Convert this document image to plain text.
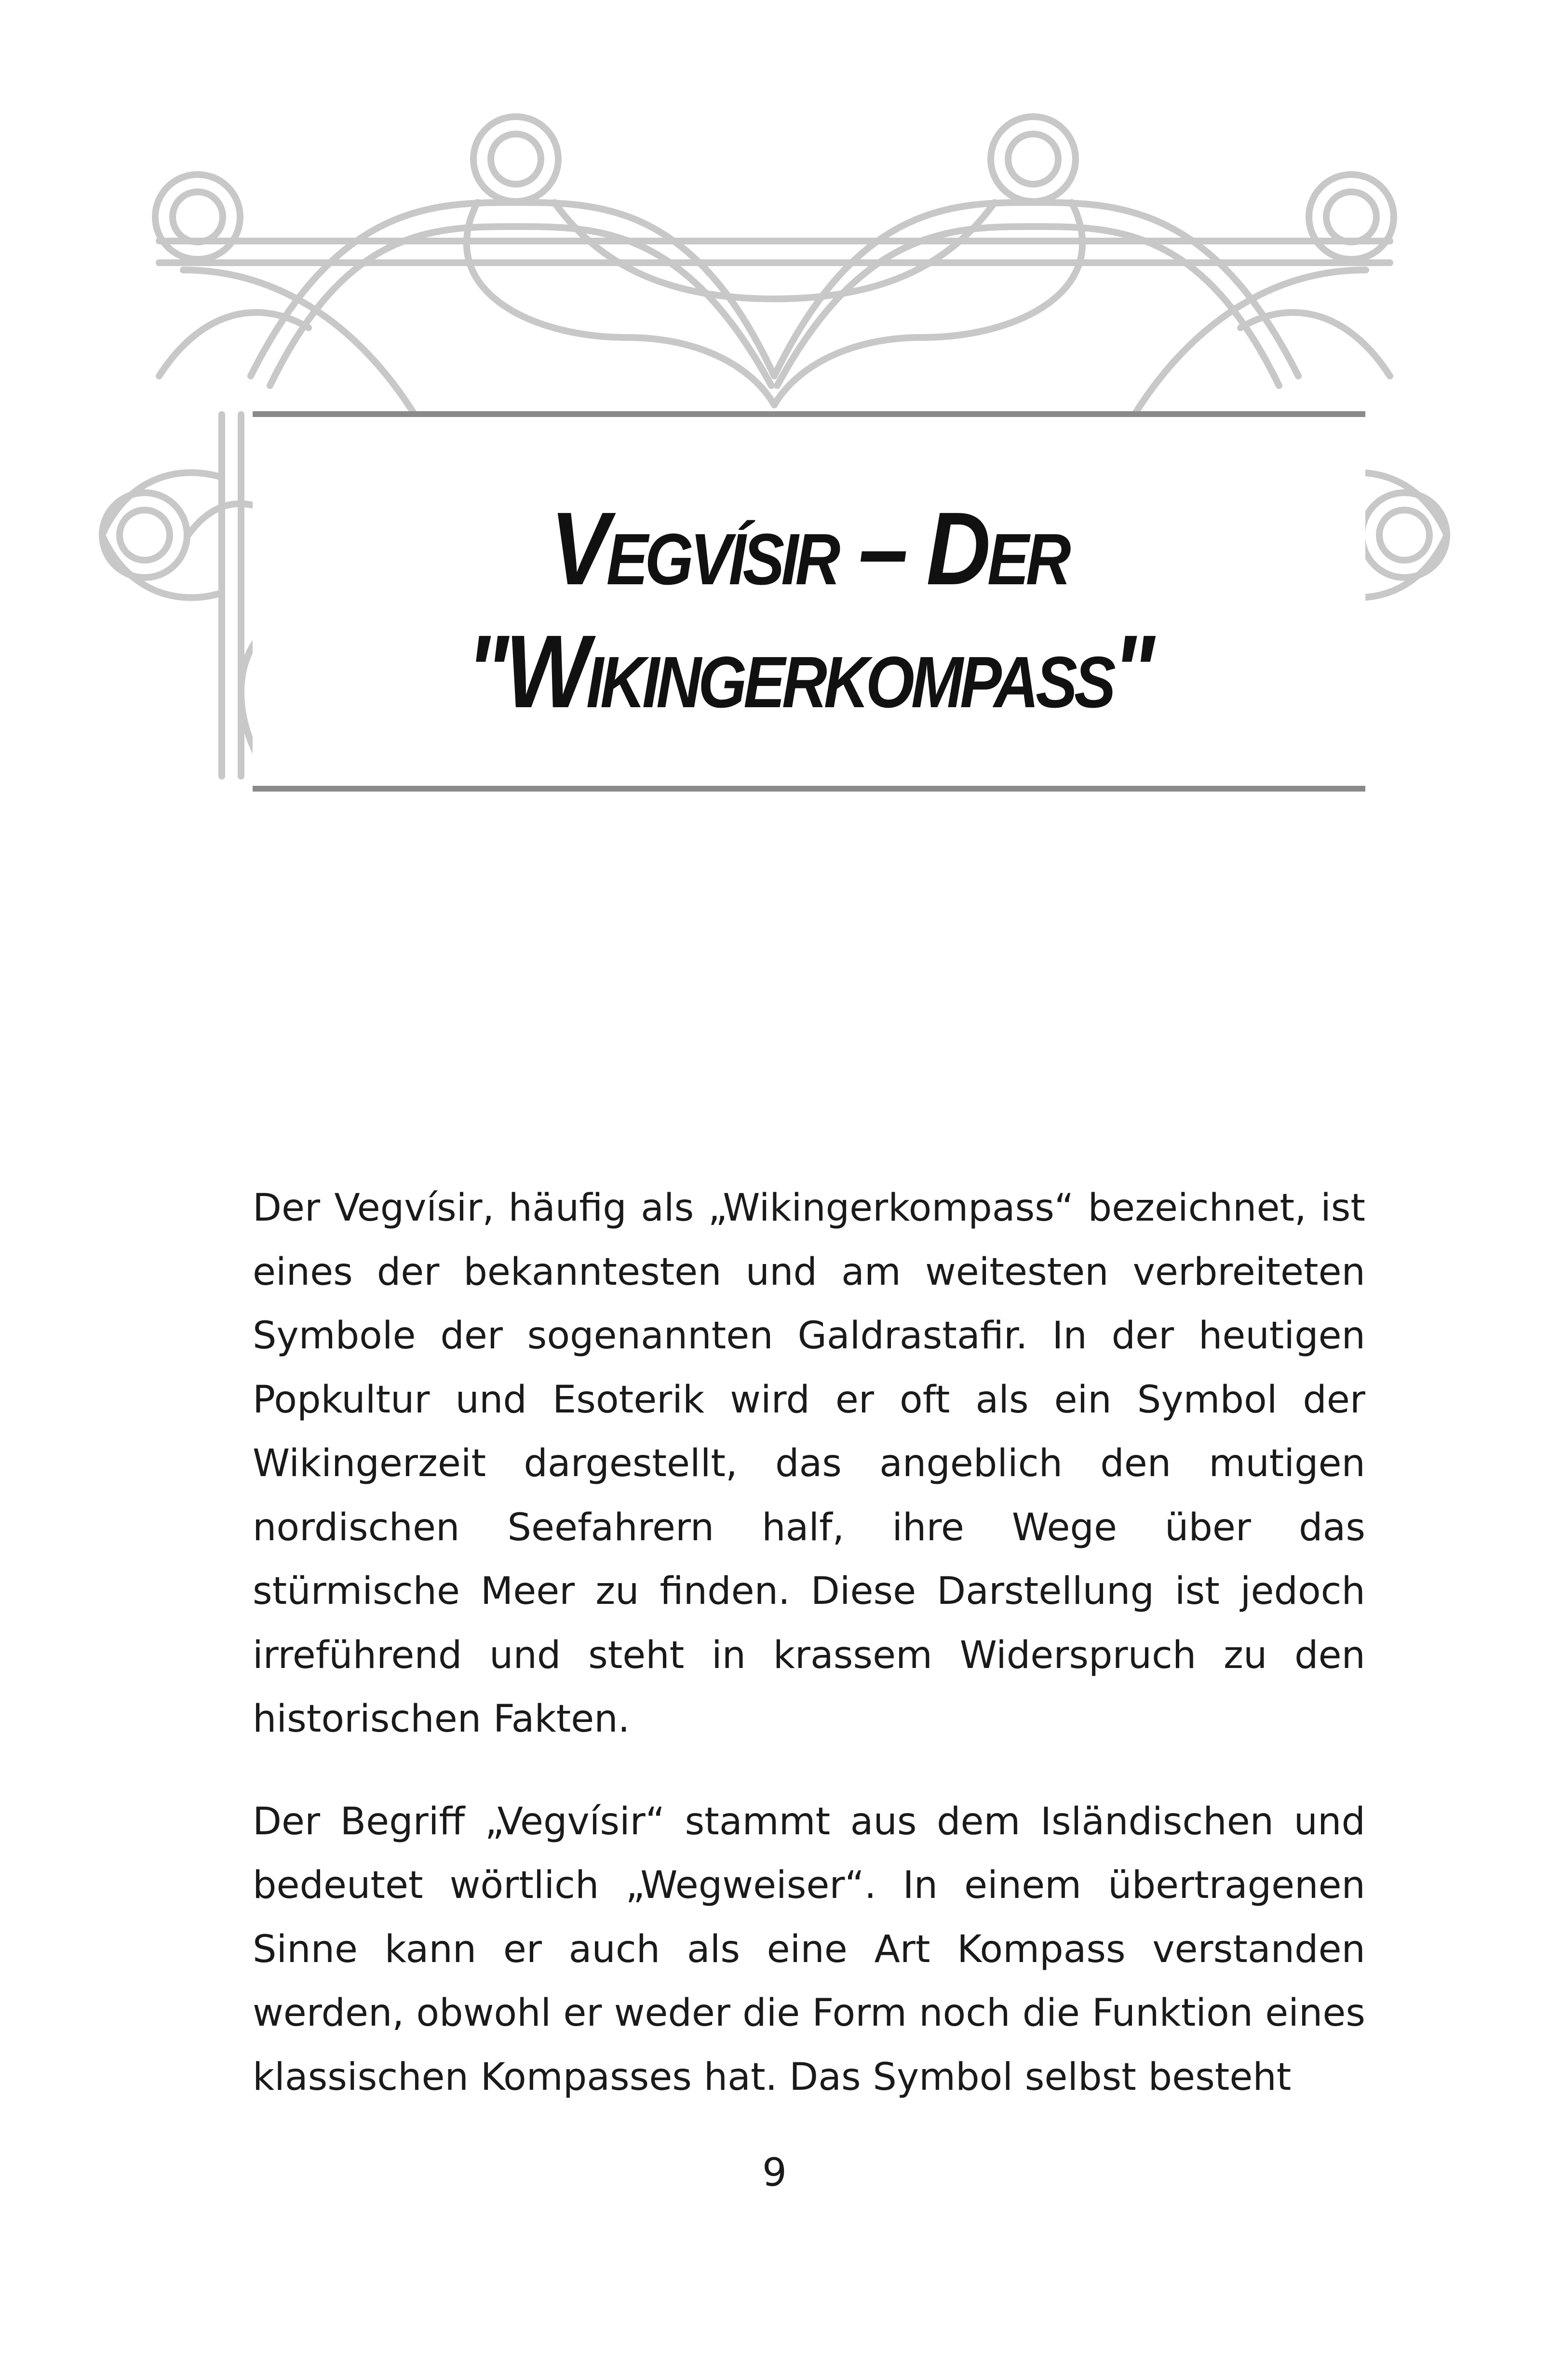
Vegvísir – Der
"Wikingerkompass"

Der Vegvísir, häufig als „Wikingerkompass“ bezeichnet, ist eines der bekanntesten und am weitesten verbreiteten Symbole der sogenannten Galdrastafir. In der heutigen Popkultur und Esoterik wird er oft als ein Symbol der Wikingerzeit dargestellt, das angeblich den mutigen nordischen Seefahrern half, ihre Wege über das stürmische Meer zu finden. Diese Darstellung ist jedoch irreführend und steht in krassem Widerspruch zu den historischen Fakten.

Der Begriff „Vegvísir“ stammt aus dem Isländischen und bedeutet wörtlich „Wegweiser“. In einem übertragenen Sinne kann er auch als eine Art Kompass verstanden werden, obwohl er weder die Form noch die Funktion eines klassischen Kompasses hat. Das Symbol selbst besteht

9
